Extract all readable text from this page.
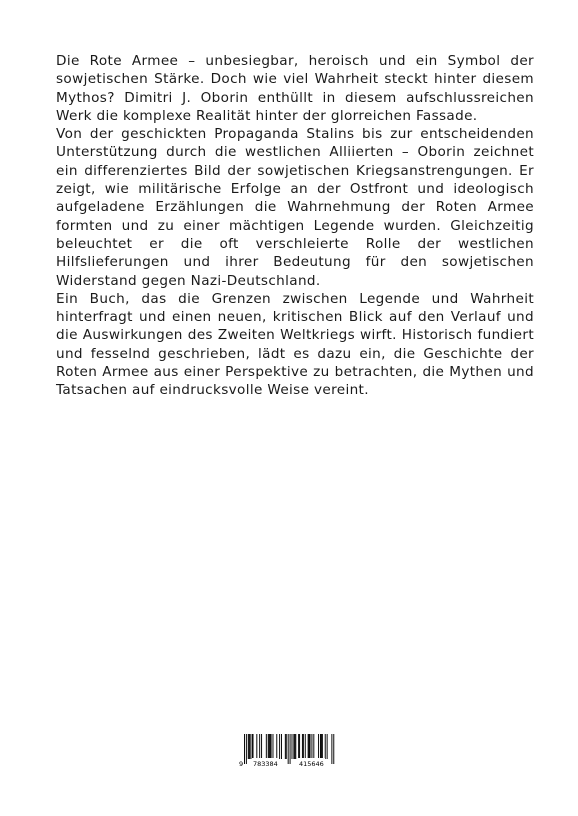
Die Rote Armee – unbesiegbar, heroisch und ein Symbol der sowjetischen Stärke. Doch wie viel Wahrheit steckt hinter diesem Mythos? Dimitri J. Oborin enthüllt in diesem aufschlussreichen Werk die komplexe Realität hinter der glorreichen Fassade.

Von der geschickten Propaganda Stalins bis zur entscheidenden Unterstützung durch die westlichen Alliierten – Oborin zeichnet ein differenziertes Bild der sowjetischen Kriegsanstrengungen. Er zeigt, wie militärische Erfolge an der Ostfront und ideologisch aufgeladene Erzählungen die Wahrnehmung der Roten Armee formten und zu einer mächtigen Legende wurden. Gleichzeitig beleuchtet er die oft verschleierte Rolle der westlichen Hilfslieferungen und ihrer Bedeutung für den sowjetischen Widerstand gegen Nazi-Deutschland.

Ein Buch, das die Grenzen zwischen Legende und Wahrheit hinterfragt und einen neuen, kritischen Blick auf den Verlauf und die Auswirkungen des Zweiten Weltkriegs wirft. Historisch fundiert und fesselnd geschrieben, lädt es dazu ein, die Geschichte der Roten Armee aus einer Perspektive zu betrachten, die Mythen und Tatsachen auf eindrucksvolle Weise vereint.

9 783384	415646
